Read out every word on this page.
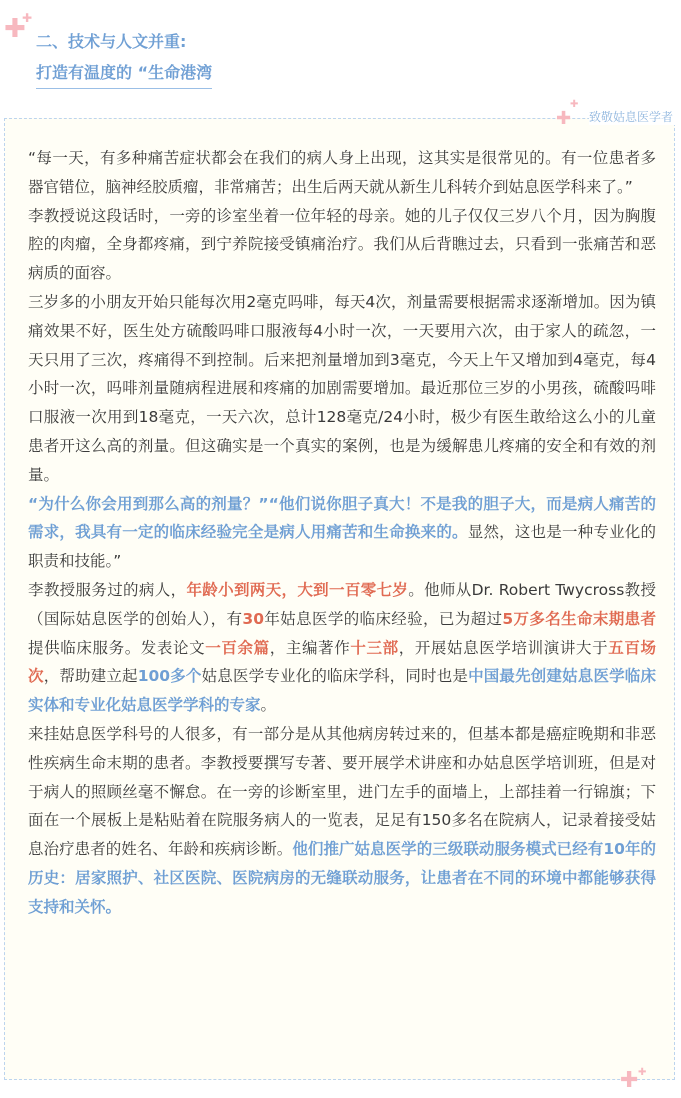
✚
✚
二、技术与人文并重:
打造有温度的 “生命港湾
✚
✚
致敬姑息医学者

“每一天，有多种痛苦症状都会在我们的病人身上出现，这其实是很常见的。有一位患者多器官错位，脑神经胶质瘤，非常痛苦；出生后两天就从新生儿科转介到姑息医学科来了。”

李教授说这段话时，一旁的诊室坐着一位年轻的母亲。她的儿子仅仅三岁八个月，因为胸腹腔的肉瘤，全身都疼痛，到宁养院接受镇痛治疗。我们从后背瞧过去，只看到一张痛苦和恶病质的面容。

三岁多的小朋友开始只能每次用2毫克吗啡，每天4次，剂量需要根据需求逐渐增加。因为镇痛效果不好，医生处方硫酸吗啡口服液每4小时一次，一天要用六次，由于家人的疏忽，一天只用了三次，疼痛得不到控制。后来把剂量增加到3毫克，今天上午又增加到4毫克，每4小时一次，吗啡剂量随病程进展和疼痛的加剧需要增加。最近那位三岁的小男孩，硫酸吗啡口服液一次用到18毫克，一天六次，总计128毫克/24小时，极少有医生敢给这么小的儿童患者开这么高的剂量。但这确实是一个真实的案例，也是为缓解患儿疼痛的安全和有效的剂量。

“为什么你会用到那么高的剂量？”“他们说你胆子真大！不是我的胆子大，而是病人痛苦的需求，我具有一定的临床经验完全是病人用痛苦和生命换来的。显然，这也是一种专业化的职责和技能。”

李教授服务过的病人，年龄小到两天，大到一百零七岁。他师从Dr. Robert Twycross教授（国际姑息医学的创始人），有30年姑息医学的临床经验，已为超过5万多名生命末期患者提供临床服务。发表论文一百余篇，主编著作十三部，开展姑息医学培训演讲大于五百场次，帮助建立起100多个姑息医学专业化的临床学科，同时也是中国最先创建姑息医学临床实体和专业化姑息医学学科的专家。

来挂姑息医学科号的人很多，有一部分是从其他病房转过来的，但基本都是癌症晚期和非恶性疾病生命末期的患者。李教授要撰写专著、要开展学术讲座和办姑息医学培训班，但是对于病人的照顾丝毫不懈怠。在一旁的诊断室里，进门左手的面墙上，上部挂着一行锦旗；下面在一个展板上是粘贴着在院服务病人的一览表，足足有150多名在院病人，记录着接受姑息治疗患者的姓名、年龄和疾病诊断。他们推广姑息医学的三级联动服务模式已经有10年的历史：居家照护、社区医院、医院病房的无缝联动服务，让患者在不同的环境中都能够获得支持和关怀。

✚ ✚
